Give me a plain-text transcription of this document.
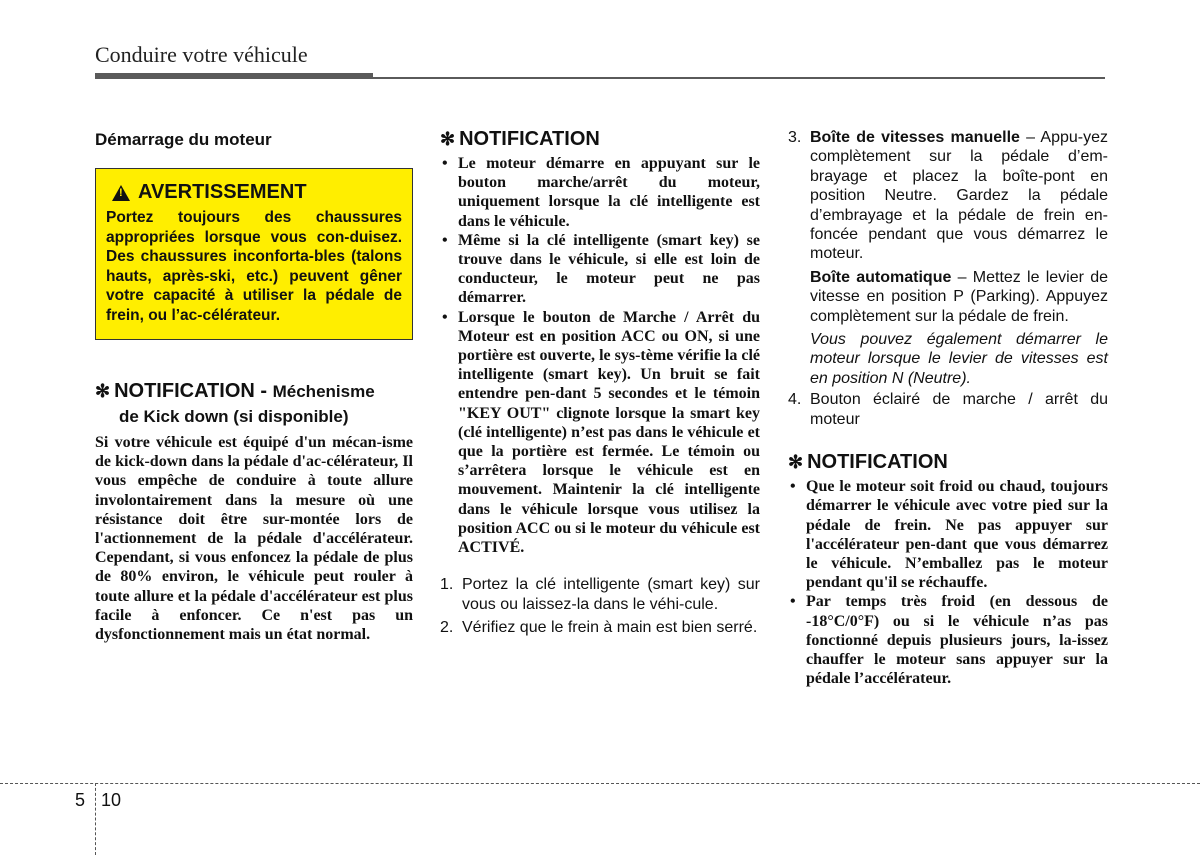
Conduire votre véhicule
Démarrage du moteur
! AVERTISSEMENT
Portez toujours des chaussures appropriées lorsque vous con-duisez. Des chaussures inconforta-bles (talons hauts, après-ski, etc.) peuvent gêner votre capacité à utiliser la pédale de frein, ou l’ac-célérateur.
✻ NOTIFICATION - Méchenisme
de Kick down (si disponible)
Si votre véhicule est équipé d'un mécan-isme de kick-down dans la pédale d'ac-célérateur, Il vous empêche de conduire à toute allure involontairement dans la mesure où une résistance doit être sur-montée lors de l'actionnement de la pédale d'accélérateur. Cependant, si vous enfoncez la pédale de plus de 80% environ, le véhicule peut rouler à toute allure et la pédale d'accélérateur est plus facile à enfoncer. Ce n'est pas un dysfonctionnement mais un état normal.
✻ NOTIFICATION
• Le moteur démarre en appuyant sur le bouton marche/arrêt du moteur, uniquement lorsque la clé intelligente est dans le véhicule.
• Même si la clé intelligente (smart key) se trouve dans le véhicule, si elle est loin de conducteur, le moteur peut ne pas démarrer.
• Lorsque le bouton de Marche / Arrêt du Moteur est en position ACC ou ON, si une portière est ouverte, le sys-tème vérifie la clé intelligente (smart key). Un bruit se fait entendre pen-dant 5 secondes et le témoin "KEY OUT" clignote lorsque la smart key (clé intelligente) n’est pas dans le véhicule et que la portière est fermée. Le témoin ou s’arrêtera lorsque le véhicule est en mouvement. Maintenir la clé intelligente dans le véhicule lorsque vous utilisez la position ACC ou si le moteur du véhicule est ACTIVÉ.
1. Portez la clé intelligente (smart key) sur vous ou laissez-la dans le véhi-cule.
2. Vérifiez que le frein à main est bien serré.
3. Boîte de vitesses manuelle – Appu-yez complètement sur la pédale d’em-brayage et placez la boîte-pont en position Neutre. Gardez la pédale d’embrayage et la pédale de frein en-foncée pendant que vous démarrez le moteur.
Boîte automatique – Mettez le levier de vitesse en position P (Parking). Appuyez complètement sur la pédale de frein.
Vous pouvez également démarrer le moteur lorsque le levier de vitesses est en position N (Neutre).
4. Bouton éclairé de marche / arrêt du moteur
✻ NOTIFICATION
• Que le moteur soit froid ou chaud, toujours démarrer le véhicule avec votre pied sur la pédale de frein. Ne pas appuyer sur l'accélérateur pen-dant que vous démarrez le véhicule. N’emballez pas le moteur pendant qu'il se réchauffe.
• Par temps très froid (en dessous de -18°C/0°F) ou si le véhicule n’as pas fonctionné depuis plusieurs jours, la-issez chauffer le moteur sans appuyer sur la pédale l’accélérateur.
5 10
